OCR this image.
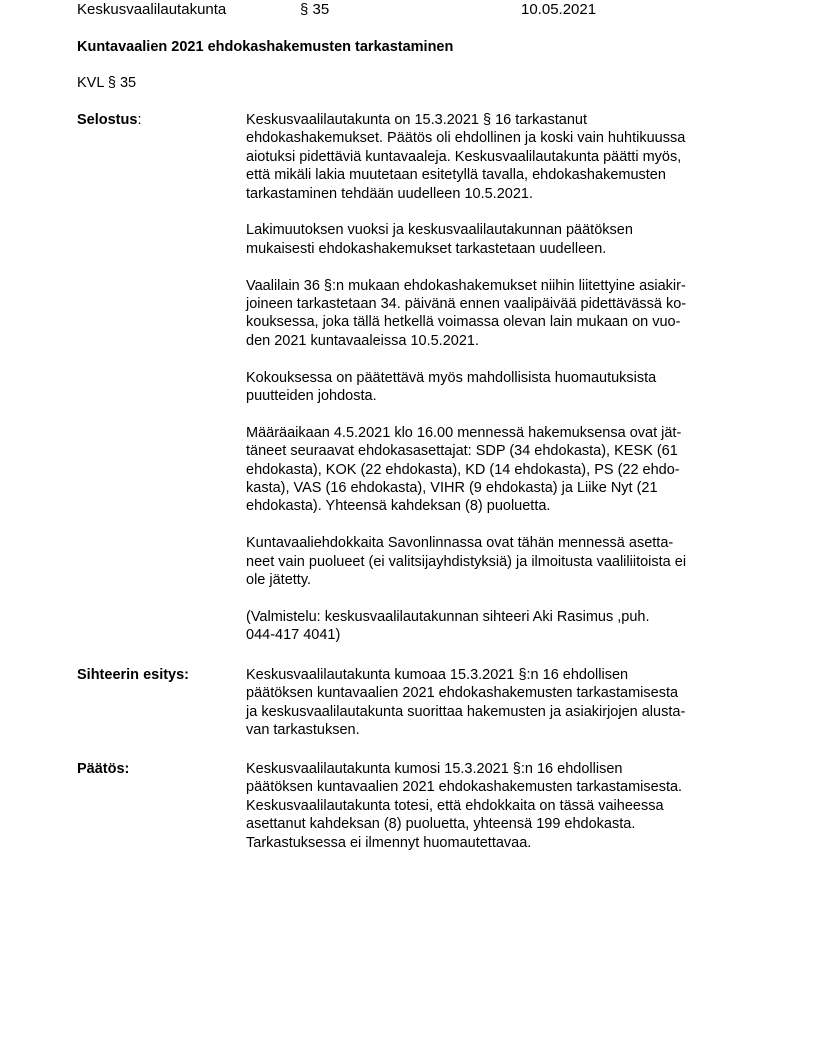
Keskusvaalilautakunta	§ 35	10.05.2021
Kuntavaalien 2021 ehdokashakemusten tarkastaminen
KVL § 35
Selostus:	Keskusvaalilautakunta on 15.3.2021 § 16 tarkastanut
ehdokashakemukset. Päätös oli ehdollinen ja koski vain huhtikuussa
aiotuksi pidettäviä kuntavaaleja. Keskusvaalilautakunta päätti myös,
että mikäli lakia muutetaan esitetyllä tavalla, ehdokashakemusten
tarkastaminen tehdään uudelleen 10.5.2021.
Lakimuutoksen vuoksi ja keskusvaalilautakunnan päätöksen
mukaisesti ehdokashakemukset tarkastetaan uudelleen.
Vaalilain 36 §:n mukaan ehdokashakemukset niihin liitettyine asiakir-
joineen tarkastetaan 34. päivänä ennen vaalipäivää pidettävässä ko-
kouksessa, joka tällä hetkellä voimassa olevan lain mukaan on vuo-
den 2021 kuntavaaleissa 10.5.2021.
Kokouksessa on päätettävä myös mahdollisista huomautuksista
puutteiden johdosta.
Määräaikaan 4.5.2021 klo 16.00 mennessä hakemuksensa ovat jät-
täneet seuraavat ehdokasasettajat: SDP (34 ehdokasta), KESK (61
ehdokasta), KOK (22 ehdokasta), KD (14 ehdokasta), PS (22 ehdo-
kasta), VAS (16 ehdokasta), VIHR (9 ehdokasta) ja Liike Nyt (21
ehdokasta). Yhteensä kahdeksan (8) puoluetta.
Kuntavaaliehdokkaita Savonlinnassa ovat tähän mennessä asetta-
neet vain puolueet (ei valitsijayhdistyksiä) ja ilmoitusta vaaliliitoista ei
ole jätetty.
(Valmistelu: keskusvaalilautakunnan sihteeri Aki Rasimus ,puh.
044-417 4041)
Sihteerin esitys:	Keskusvaalilautakunta kumoaa 15.3.2021 §:n 16 ehdollisen
päätöksen kuntavaalien 2021 ehdokashakemusten tarkastamisesta
ja keskusvaalilautakunta suorittaa hakemusten ja asiakirjojen alusta-
van tarkastuksen.
Päätös:	Keskusvaalilautakunta kumosi 15.3.2021 §:n 16 ehdollisen
päätöksen kuntavaalien 2021 ehdokashakemusten tarkastamisesta.
Keskusvaalilautakunta totesi, että ehdokkaita on tässä vaiheessa
asettanut kahdeksan (8) puoluetta, yhteensä 199 ehdokasta.
Tarkastuksessa ei ilmennyt huomautettavaa.
